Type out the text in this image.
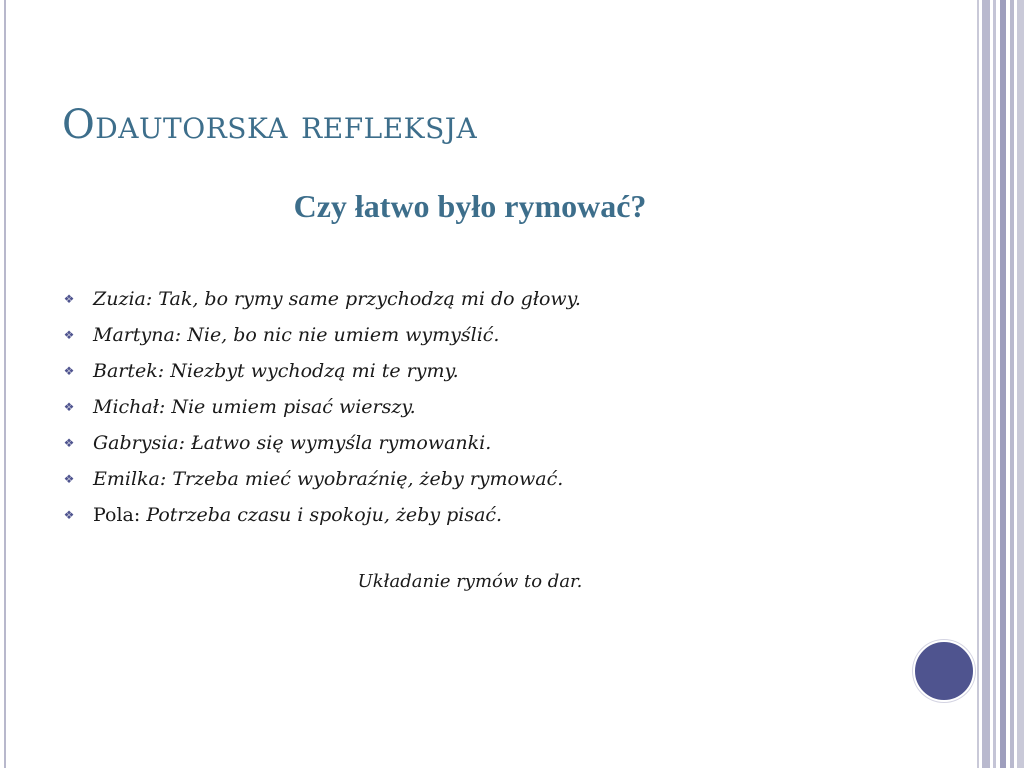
Odautorska refleksja
Czy łatwo było rymować?
❖ Zuzia: Tak, bo rymy same przychodzą mi do głowy.
❖ Martyna: Nie, bo nic nie umiem wymyślić.
❖ Bartek: Niezbyt wychodzą mi te rymy.
❖ Michał: Nie umiem pisać wierszy.
❖ Gabrysia: Łatwo się wymyśla rymowanki.
❖ Emilka: Trzeba mieć wyobraźnię, żeby rymować.
❖ Pola: Potrzeba czasu i spokoju, żeby pisać.

Układanie rymów to dar.
